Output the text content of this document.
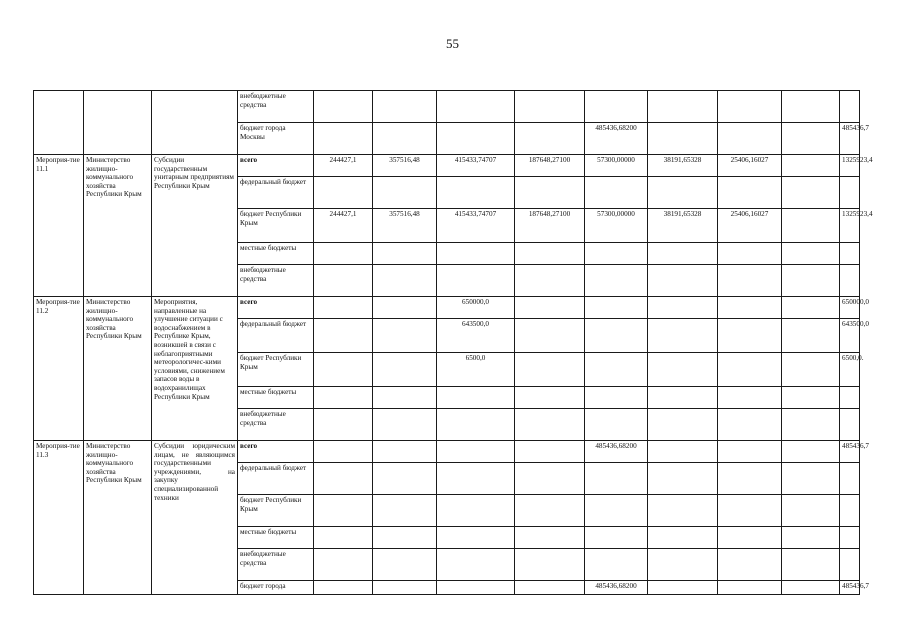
55
			внебюджетные средства									
			бюджет города Москвы					485436,68200				485436,7
Мероприя-тие 11.1	Министерство жилищно-коммунального хозяйства Республики Крым	Субсидии государственным унитарным предприятиям Республики Крым	всего	244427,1	357516,48	415433,74707	187648,27100	57300,00000	38191,65328	25406,16027		1325923,4
			федеральный бюджет									
			бюджет Республики Крым	244427,1	357516,48	415433,74707	187648,27100	57300,00000	38191,65328	25406,16027		1325923,4
			местные бюджеты									
			внебюджетные средства									
Мероприя-тие 11.2	Министерство жилищно-коммунального хозяйства Республики Крым	Мероприятия, направленные на улучшение ситуации с водоснабжением в Республике Крым, возникшей в связи с неблагоприятными метеорологичес-кими условиями, снижением запасов воды в водохранилищах Республики Крым	всего			650000,0						650000,0
			федеральный бюджет			643500,0						643500,0
			бюджет Республики Крым			6500,0						6500,0.
			местные бюджеты									
			внебюджетные средства									
Мероприя-тие 11.3	Министерство жилищно-коммунального хозяйства Республики Крым	Субсидии юридическим лицам, не являющимся государственными учреждениями, на закупку специализированной техники	всего					485436,68200				485436,7
			федеральный бюджет									
			бюджет Республики Крым									
			местные бюджеты									
			внебюджетные средства									
			бюджет города					485436,68200				485436,7
